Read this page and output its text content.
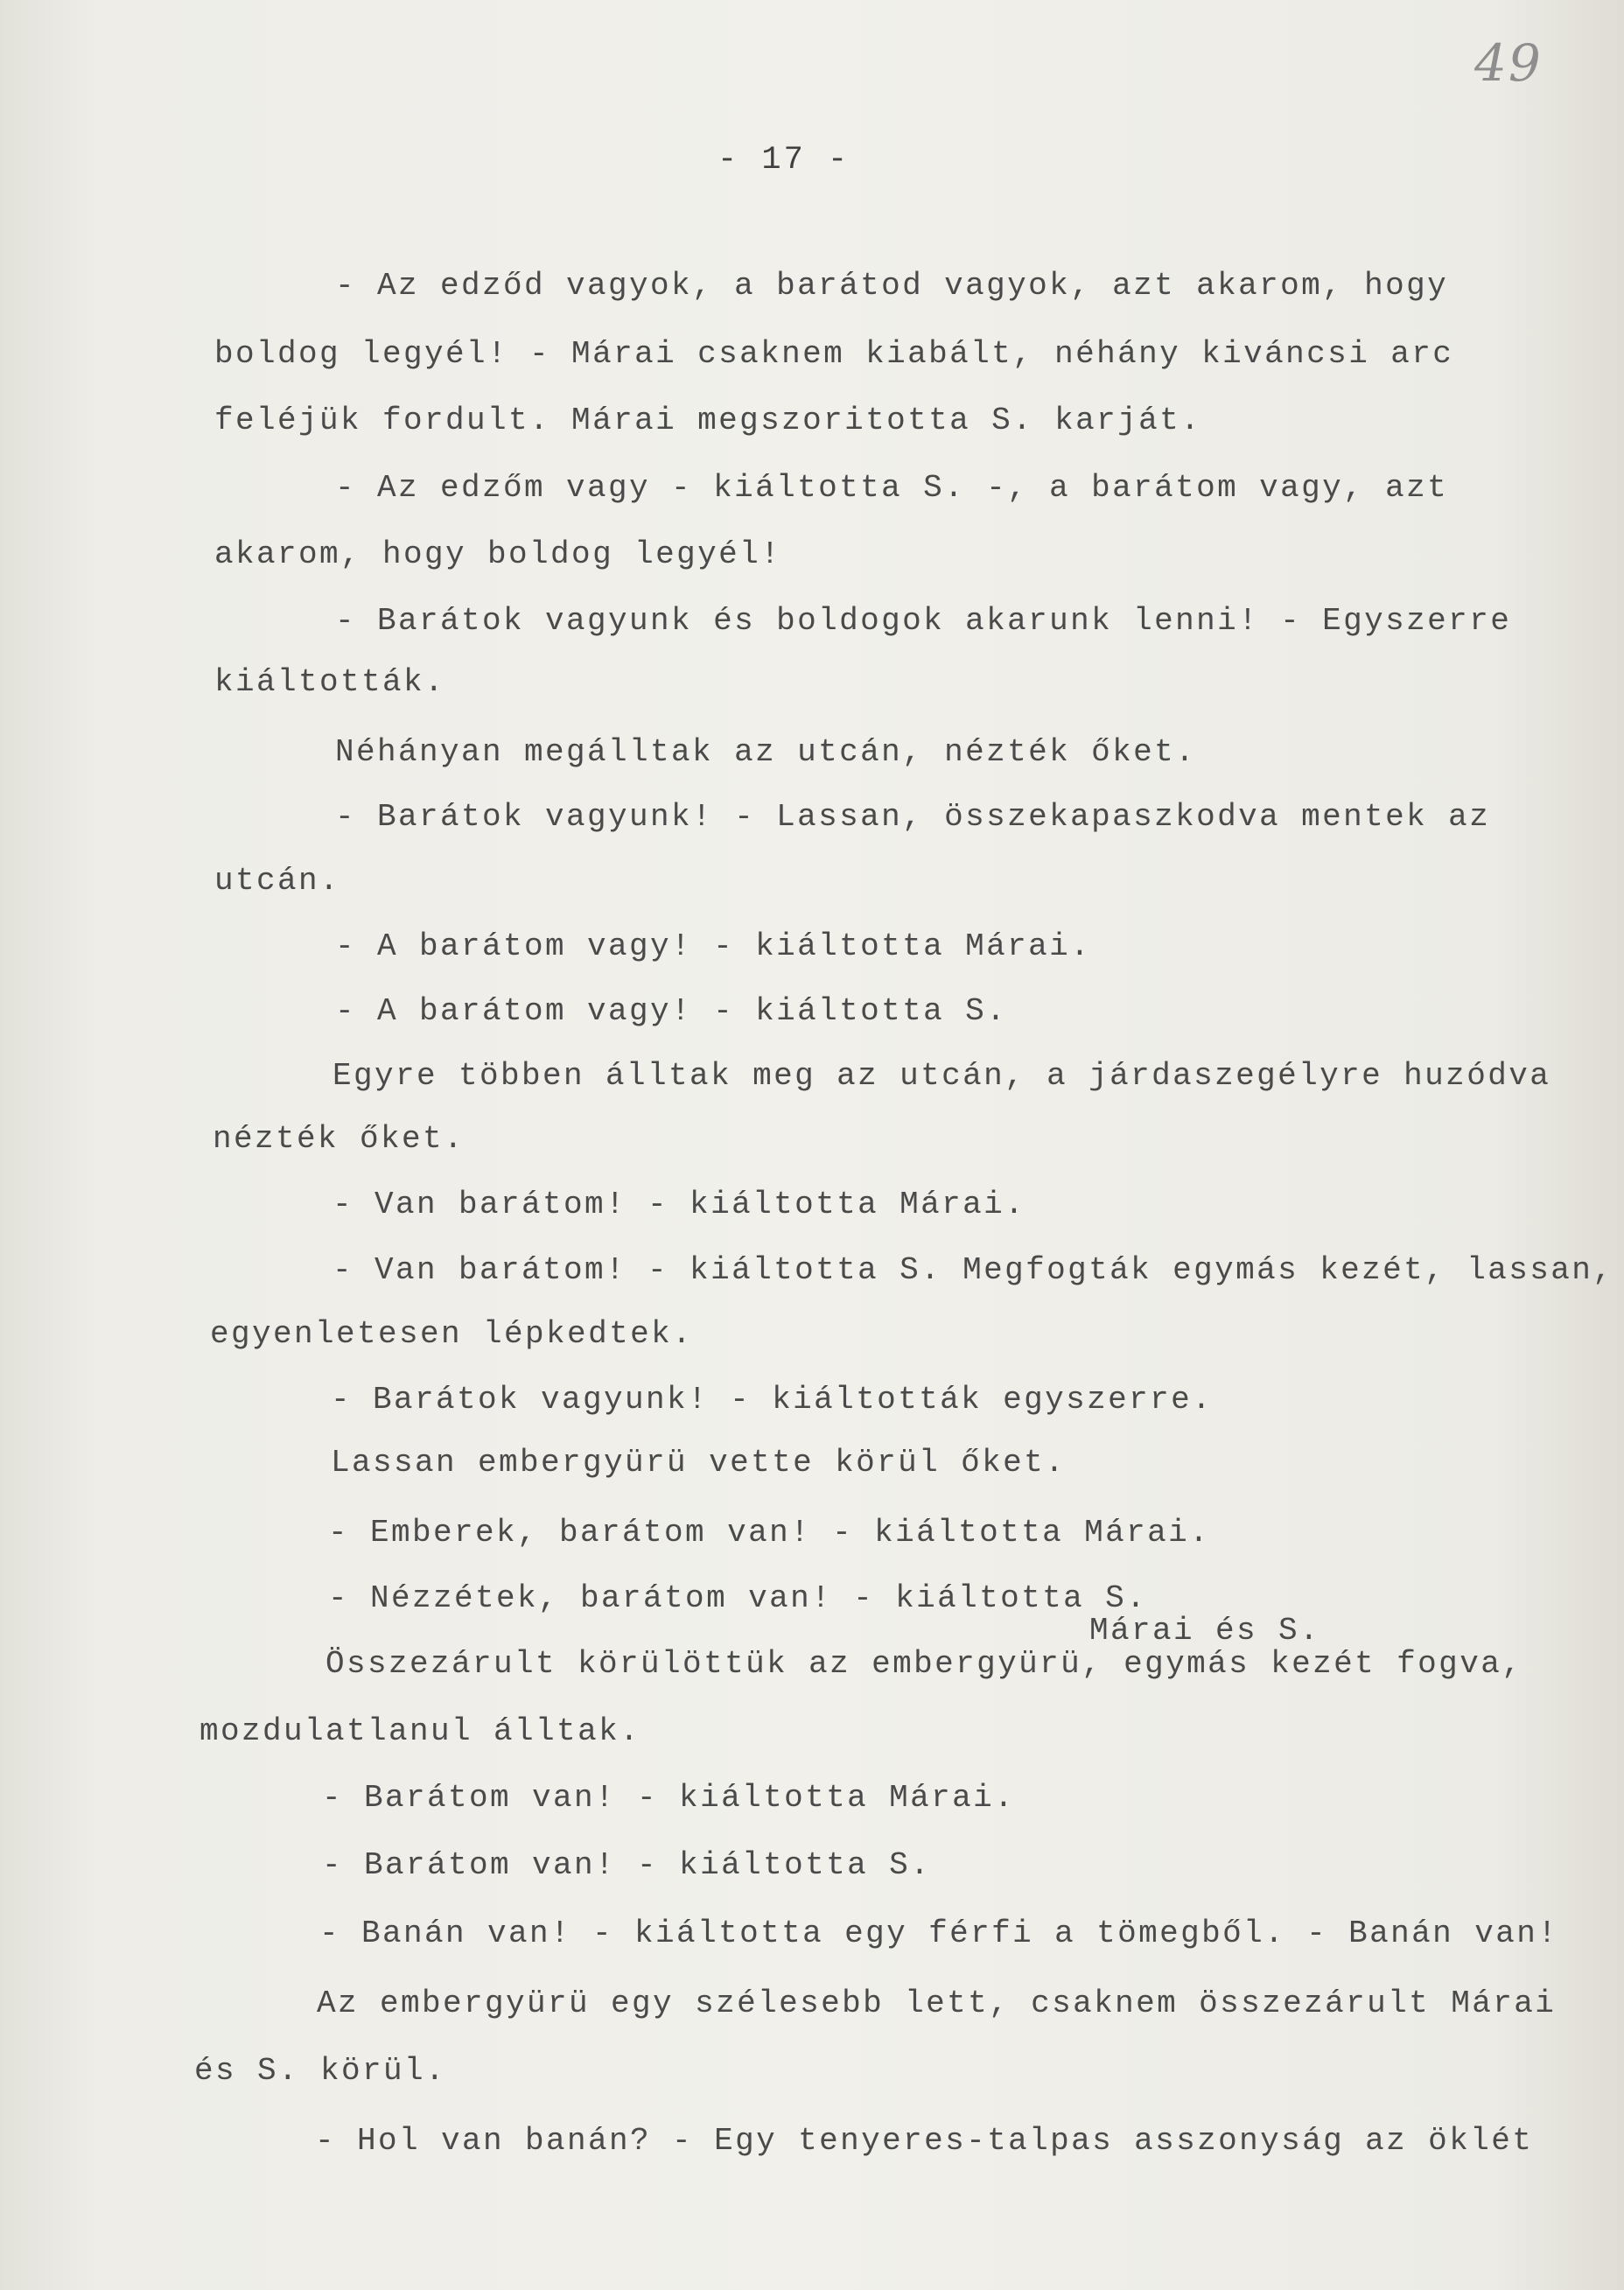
49
- 17 -
- Az edződ vagyok, a barátod vagyok, azt akarom, hogy
boldog legyél! - Márai csaknem kiabált, néhány kiváncsi arc
feléjük fordult. Márai megszoritotta S. karját.
- Az edzőm vagy - kiáltotta S. -, a barátom vagy, azt
akarom, hogy boldog legyél!
- Barátok vagyunk és boldogok akarunk lenni! - Egyszerre
kiáltották.
Néhányan megálltak az utcán, nézték őket.
- Barátok vagyunk! - Lassan, összekapaszkodva mentek az
utcán.
- A barátom vagy! - kiáltotta Márai.
- A barátom vagy! - kiáltotta S.
Egyre többen álltak meg az utcán, a járdaszegélyre huzódva
nézték őket.
- Van barátom! - kiáltotta Márai.
- Van barátom! - kiáltotta S. Megfogták egymás kezét, lassan,
egyenletesen lépkedtek.
- Barátok vagyunk! - kiáltották egyszerre.
Lassan embergyürü vette körül őket.
- Emberek, barátom van! - kiáltotta Márai.
- Nézzétek, barátom van! - kiáltotta S.
Márai és S.
Összezárult körülöttük az embergyürü, egymás kezét fogva,
mozdulatlanul álltak.
- Barátom van! - kiáltotta Márai.
- Barátom van! - kiáltotta S.
- Banán van! - kiáltotta egy férfi a tömegből. - Banán van!
Az embergyürü egy szélesebb lett, csaknem összezárult Márai
és S. körül.
- Hol van banán? - Egy tenyeres-talpas asszonyság az öklét
